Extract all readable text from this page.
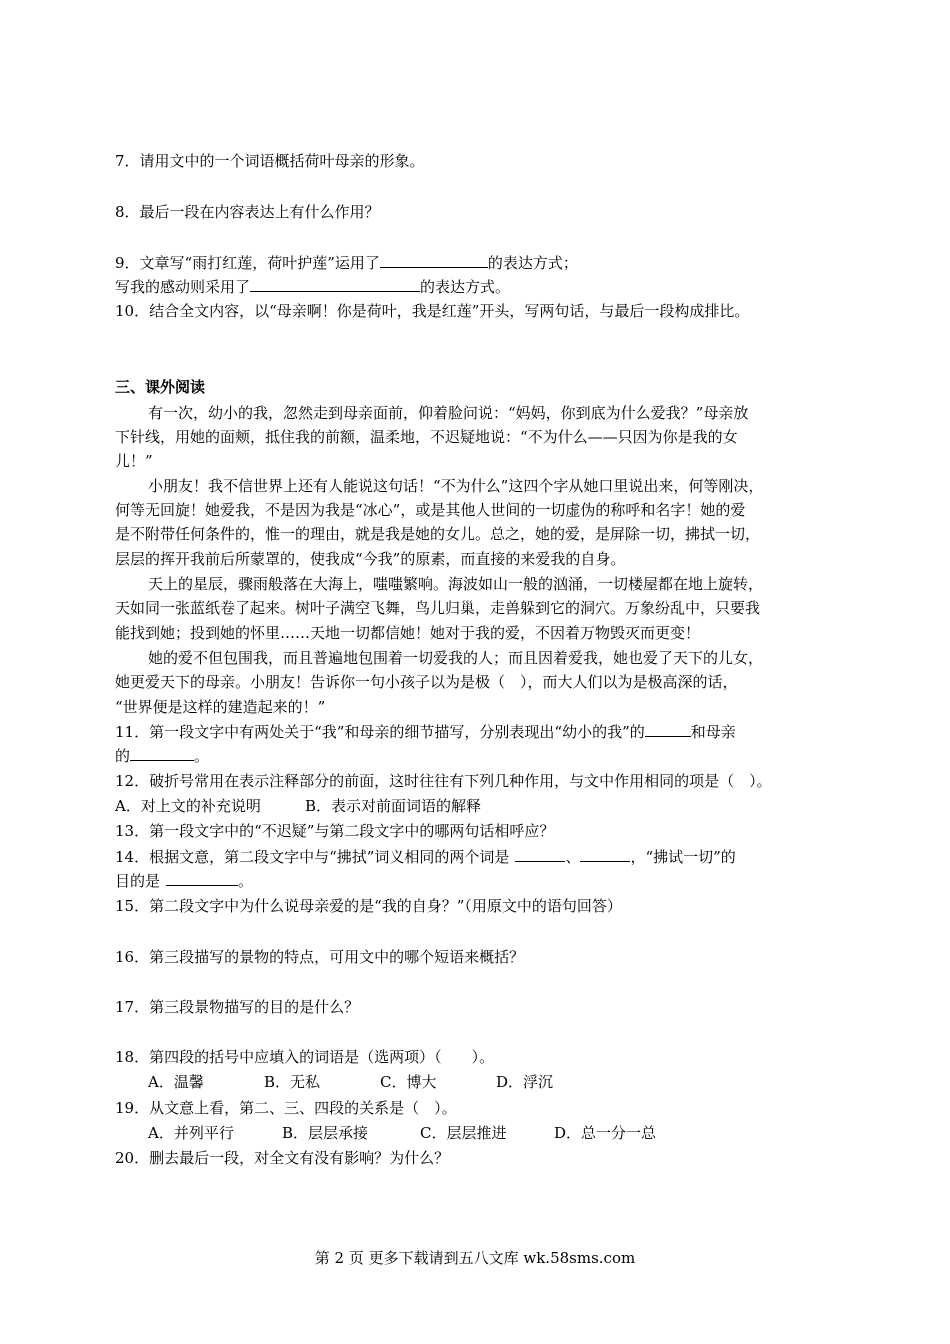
7．请用文中的一个词语概括荷叶母亲的形象。
8．最后一段在内容表达上有什么作用？
9．文章写“雨打红莲，荷叶护莲”运用了	的表达方式；
写我的感动则采用了	的表达方式。
10．结合全文内容，以“母亲啊！你是荷叶，我是红莲”开头，写两句话，与最后一段构成排比。
三、课外阅读
有一次，幼小的我，忽然走到母亲面前，仰着脸问说：“妈妈，你到底为什么爱我？”母亲放
下针线，用她的面颊，抵住我的前额，温柔地，不迟疑地说：“不为什么——只因为你是我的女
儿！”
小朋友！我不信世界上还有人能说这句话！“不为什么”这四个字从她口里说出来，何等刚决，
何等无回旋！她爱我，不是因为我是“冰心”，或是其他人世间的一切虚伪的称呼和名字！她的爱
是不附带任何条件的，惟一的理由，就是我是她的女儿。总之，她的爱，是屏除一切，拂拭一切，
层层的挥开我前后所蒙罩的，使我成“今我”的原素，而直接的来爱我的自身。
天上的星辰，骤雨般落在大海上，嗤嗤繁响。海波如山一般的汹涌，一切楼屋都在地上旋转，
天如同一张蓝纸卷了起来。树叶子满空飞舞，鸟儿归巢，走兽躲到它的洞穴。万象纷乱中，只要我
能找到她；投到她的怀里……天地一切都信她！她对于我的爱，不因着万物毁灭而更变！
她的爱不但包围我，而且普遍地包围着一切爱我的人；而且因着爱我，她也爱了天下的儿女，
她更爱天下的母亲。小朋友！告诉你一句小孩子以为是极（　），而大人们以为是极高深的话，
“世界便是这样的建造起来的！”
11．第一段文字中有两处关于“我”和母亲的细节描写，分别表现出“幼小的我”的	和母亲
的	。
12．破折号常用在表示注释部分的前面，这时往往有下列几种作用，与文中作用相同的项是（　）。
A．对上文的补充说明	B．表示对前面词语的解释
13．第一段文字中的“不迟疑”与第二段文字中的哪两句话相呼应？
14．根据文意，第二段文字中与“拂拭”词义相同的两个词是	、	，“拂试一切”的
目的是	。
15．第二段文字中为什么说母亲爱的是“我的自身？”（用原文中的语句回答）
16．第三段描写的景物的特点，可用文中的哪个短语来概括？
17．第三段景物描写的目的是什么？
18．第四段的括号中应填入的词语是（选两项）（　　）。
A．温馨	B．无私	C．博大	D．浮沉
19．从文意上看，第二、三、四段的关系是（　）。
A．并列平行	B．层层承接	C．层层推进	D．总一分一总
20．删去最后一段，对全文有没有影响？为什么？
第 2 页 更多下载请到五八文库 wk.58sms.com
